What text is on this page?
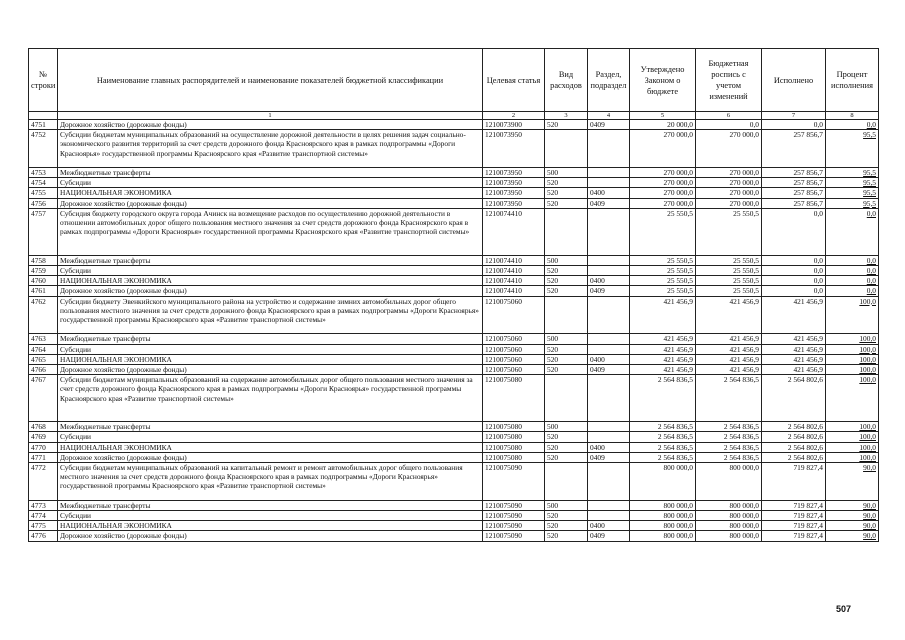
№ строки	Наименование главных распорядителей и наименование показателей бюджетной классификации	Целевая статья	Вид расходов	Раздел, подраздел	Утверждено Законом о бюджете	Бюджетная роспись с учетом изменений	Исполнено	Процент исполнения
	1	2	3	4	5	6	7	8
4751	Дорожное хозяйство (дорожные фонды)	1210073900	520	0409	20 000,0	0,0	0,0	0,0
4752	Субсидии бюджетам муниципальных образований на осуществление дорожной деятельности в целях решения задач социально-экономического развития территорий за счет средств дорожного фонда Красноярского края в рамках подпрограммы «Дороги Красноярья» государственной программы Красноярского края «Развитие транспортной системы»	1210073950			270 000,0	270 000,0	257 856,7	95,5
4753	Межбюджетные трансферты	1210073950	500		270 000,0	270 000,0	257 856,7	95,5
4754	Субсидии	1210073950	520		270 000,0	270 000,0	257 856,7	95,5
4755	НАЦИОНАЛЬНАЯ ЭКОНОМИКА	1210073950	520	0400	270 000,0	270 000,0	257 856,7	95,5
4756	Дорожное хозяйство (дорожные фонды)	1210073950	520	0409	270 000,0	270 000,0	257 856,7	95,5
4757	Субсидия бюджету городского округа города Ачинск на возмещение расходов по осуществлению дорожной деятельности в отношении автомобильных дорог общего пользования местного значения за счет средств дорожного фонда Красноярского края в рамках подпрограммы «Дороги Красноярья» государственной программы Красноярского края «Развитие транспортной системы»	1210074410			25 550,5	25 550,5	0,0	0,0
4758	Межбюджетные трансферты	1210074410	500		25 550,5	25 550,5	0,0	0,0
4759	Субсидии	1210074410	520		25 550,5	25 550,5	0,0	0,0
4760	НАЦИОНАЛЬНАЯ ЭКОНОМИКА	1210074410	520	0400	25 550,5	25 550,5	0,0	0,0
4761	Дорожное хозяйство (дорожные фонды)	1210074410	520	0409	25 550,5	25 550,5	0,0	0,0
4762	Субсидии бюджету Эвенкийского муниципального района на устройство и содержание зимних автомобильных дорог общего пользования местного значения за счет средств дорожного фонда Красноярского края в рамках подпрограммы «Дороги Красноярья» государственной программы Красноярского края «Развитие транспортной системы»	1210075060			421 456,9	421 456,9	421 456,9	100,0
4763	Межбюджетные трансферты	1210075060	500		421 456,9	421 456,9	421 456,9	100,0
4764	Субсидии	1210075060	520		421 456,9	421 456,9	421 456,9	100,0
4765	НАЦИОНАЛЬНАЯ ЭКОНОМИКА	1210075060	520	0400	421 456,9	421 456,9	421 456,9	100,0
4766	Дорожное хозяйство (дорожные фонды)	1210075060	520	0409	421 456,9	421 456,9	421 456,9	100,0
4767	Субсидии бюджетам муниципальных образований на содержание автомобильных дорог общего пользования местного значения за счет средств дорожного фонда Красноярского края в рамках подпрограммы «Дороги Красноярья» государственной программы Красноярского края «Развитие транспортной системы»	1210075080			2 564 836,5	2 564 836,5	2 564 802,6	100,0
4768	Межбюджетные трансферты	1210075080	500		2 564 836,5	2 564 836,5	2 564 802,6	100,0
4769	Субсидии	1210075080	520		2 564 836,5	2 564 836,5	2 564 802,6	100,0
4770	НАЦИОНАЛЬНАЯ ЭКОНОМИКА	1210075080	520	0400	2 564 836,5	2 564 836,5	2 564 802,6	100,0
4771	Дорожное хозяйство (дорожные фонды)	1210075080	520	0409	2 564 836,5	2 564 836,5	2 564 802,6	100,0
4772	Субсидии бюджетам муниципальных образований на капитальный ремонт и ремонт автомобильных дорог общего пользования местного значения за счет средств дорожного фонда Красноярского края в рамках подпрограммы «Дороги Красноярья» государственной программы Красноярского края «Развитие транспортной системы»	1210075090			800 000,0	800 000,0	719 827,4	90,0
4773	Межбюджетные трансферты	1210075090	500		800 000,0	800 000,0	719 827,4	90,0
4774	Субсидии	1210075090	520		800 000,0	800 000,0	719 827,4	90,0
4775	НАЦИОНАЛЬНАЯ ЭКОНОМИКА	1210075090	520	0400	800 000,0	800 000,0	719 827,4	90,0
4776	Дорожное хозяйство (дорожные фонды)	1210075090	520	0409	800 000,0	800 000,0	719 827,4	90,0
507
